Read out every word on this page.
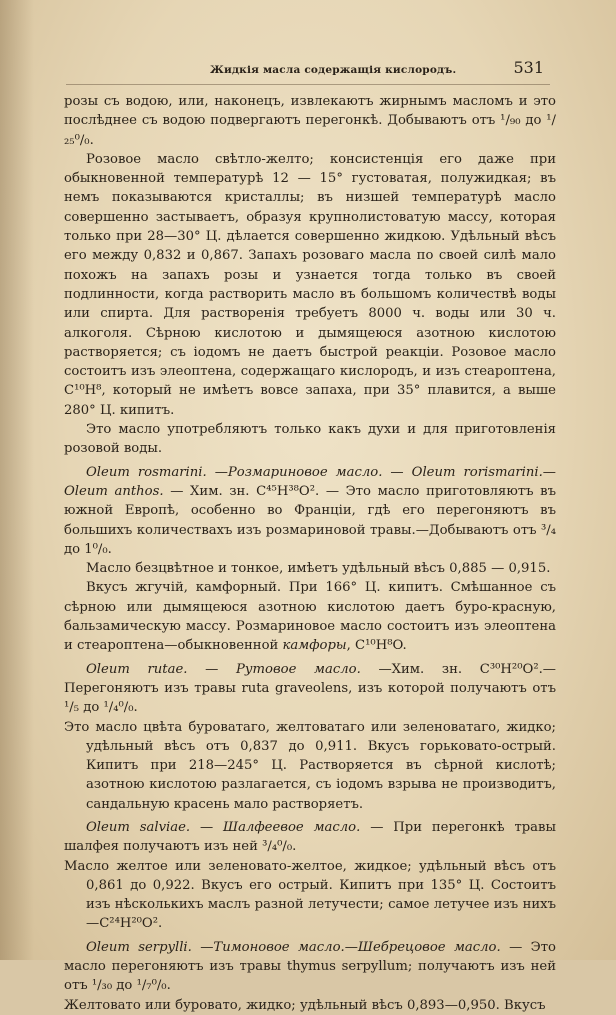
Жидкія масла содержащія кислородъ.	531

розы съ водою, или, наконецъ, извлекаютъ жирнымъ масломъ и это послѣднее съ водою подвергаютъ перегонкѣ. Добываютъ отъ ¹/₉₀ до ¹/₂₅⁰/₀.

Розовое масло свѣтло-желто; консистенція его даже при обыкновенной температурѣ 12 — 15° густоватая, полужидкая; въ немъ показываются кристаллы; въ низшей температурѣ масло совершенно застываетъ, образуя крупнолистоватую массу, которая только при 28—30° Ц. дѣлается совершенно жидкою. Удѣльный вѣсъ его между 0,832 и 0,867. Запахъ розоваго масла по своей силѣ мало похожъ на запахъ розы и узнается тогда только въ своей подлинности, когда растворить масло въ большомъ количествѣ воды или спирта. Для растворенія требуетъ 8000 ч. воды или 30 ч. алкоголя. Сѣрною кислотою и дымящеюся азотною кислотою растворяется; съ іодомъ не даетъ быстрой реакціи. Розовое масло состоитъ изъ элеоптена, содержащаго кислородъ, и изъ стеароптена, C¹⁰H⁸, который не имѣетъ вовсе запаха, при 35° плавится, а выше 280° Ц. кипитъ.

Это масло употребляютъ только какъ духи и для приготовленія розовой воды.

Oleum rosmarini. —Розмариновое масло. — Oleum rorismarini.— Oleum anthos. — Хим. зн. C⁴⁵H³⁸O². — Это масло приготовляютъ въ южной Европѣ, особенно во Франціи, гдѣ его перегоняютъ въ большихъ количествахъ изъ розмариновой травы.—Добываютъ отъ ³/₄ до 1⁰/₀.

Масло безцвѣтное и тонкое, имѣетъ удѣльный вѣсъ 0,885 — 0,915.

Вкусъ жгучій, камфорный. При 166° Ц. кипитъ. Смѣшанное съ сѣрною или дымящеюся азотною кислотою даетъ буро-красную, бальзамическую массу. Розмариновое масло состоитъ изъ элеоптена и стеароптена—обыкновенной камфоры, C¹⁰H⁸O.

Oleum rutae. — Рутовое масло. —Хим. зн. C³⁰H²⁰O².—Перегоняютъ изъ травы ruta graveolens, изъ которой получаютъ отъ ¹/₅ до ¹/₄⁰/₀.

Это масло цвѣта буроватаго, желтоватаго или зеленоватаго, жидко; удѣльный вѣсъ отъ 0,837 до 0,911. Вкусъ горьковато-острый. Кипитъ при 218—245° Ц. Растворяется въ сѣрной кислотѣ; азотною кислотою разлагается, съ іодомъ взрыва не производитъ, сандальную красень мало растворяетъ.

Oleum salviae. — Шалфеевое масло. — При перегонкѣ травы шалфея получаютъ изъ ней ³/₄⁰/₀.

Масло желтое или зеленовато-желтое, жидкое; удѣльный вѣсъ отъ 0,861 до 0,922. Вкусъ его острый. Кипитъ при 135° Ц. Состоитъ изъ нѣсколькихъ маслъ разной летучести; самое летучее изъ нихъ—C²⁴H²⁰O².

Oleum serpylli. —Тимоновое масло.—Шебрецовое масло. — Это масло перегоняютъ изъ травы thymus serpyllum; получаютъ изъ ней отъ ¹/₃₀ до ¹/₇⁰/₀.

Желтовато или буровато, жидко; удѣльный вѣсъ 0,893—0,950. Вкусъ
